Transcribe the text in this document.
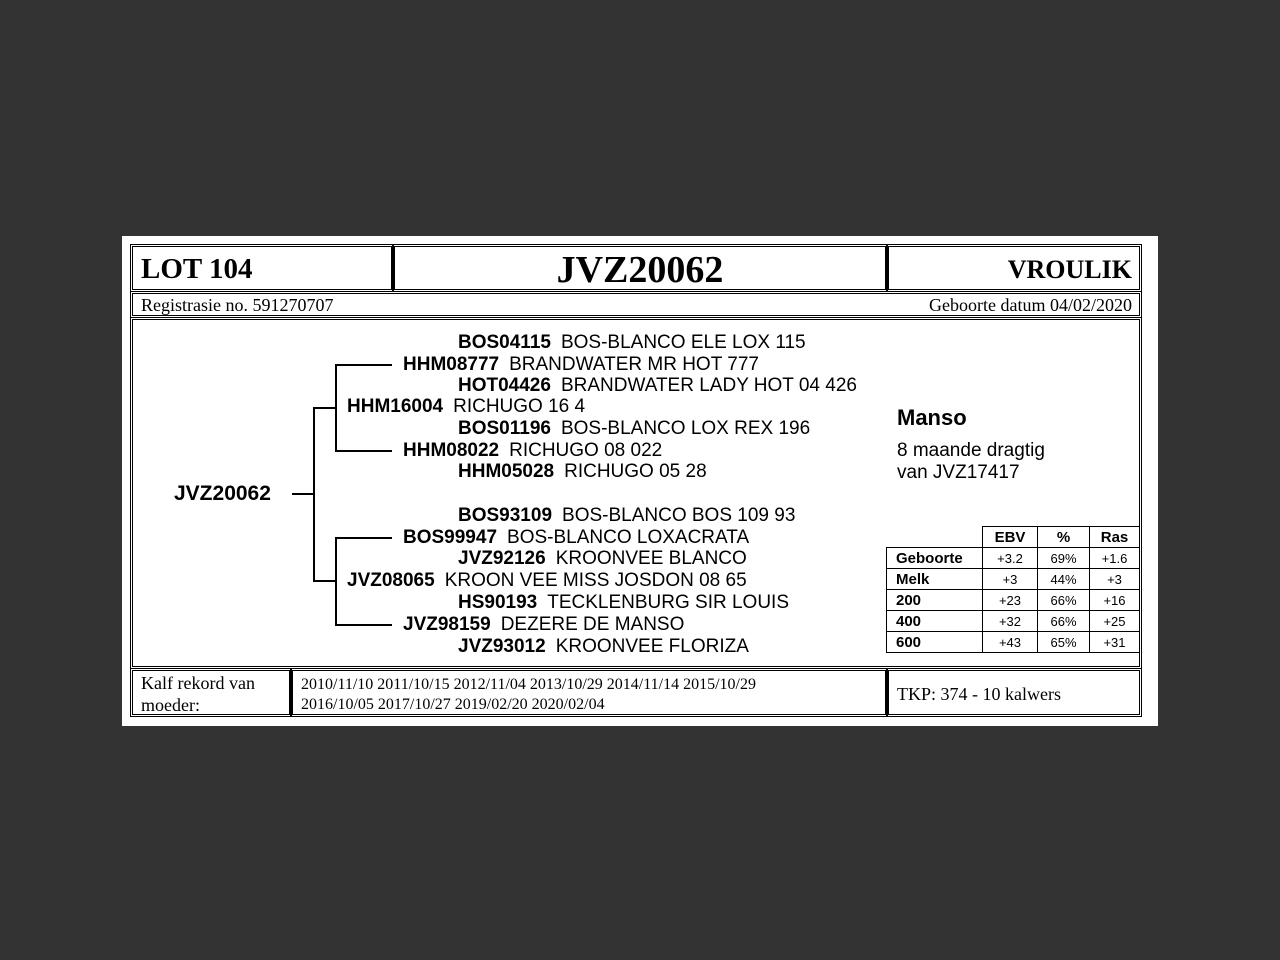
LOT 104	JVZ20062	VROULIK
Registrasie no. 591270707	Geboorte datum 04/02/2020
JVZ20062
BOS04115 BOS-BLANCO ELE LOX 115
HHM08777 BRANDWATER MR HOT 777
HOT04426 BRANDWATER LADY HOT 04 426
HHM16004 RICHUGO 16 4
BOS01196 BOS-BLANCO LOX REX 196
HHM08022 RICHUGO 08 022
HHM05028 RICHUGO 05 28
BOS93109 BOS-BLANCO BOS 109 93
BOS99947 BOS-BLANCO LOXACRATA
JVZ92126 KROONVEE BLANCO
JVZ08065 KROON VEE MISS JOSDON 08 65
HS90193 TECKLENBURG SIR LOUIS
JVZ98159 DEZERE DE MANSO
JVZ93012 KROONVEE FLORIZA
Manso
8 maande dragtig
van JVZ17417
	EBV	%	Ras
Geboorte	+3.2	69%	+1.6
Melk	+3	44%	+3
200	+23	66%	+16
400	+32	66%	+25
600	+43	65%	+31
Kalf rekord van
moeder:
2010/11/10 2011/10/15 2012/11/04 2013/10/29 2014/11/14 2015/10/29
2016/10/05 2017/10/27 2019/02/20 2020/02/04
TKP: 374 - 10 kalwers
